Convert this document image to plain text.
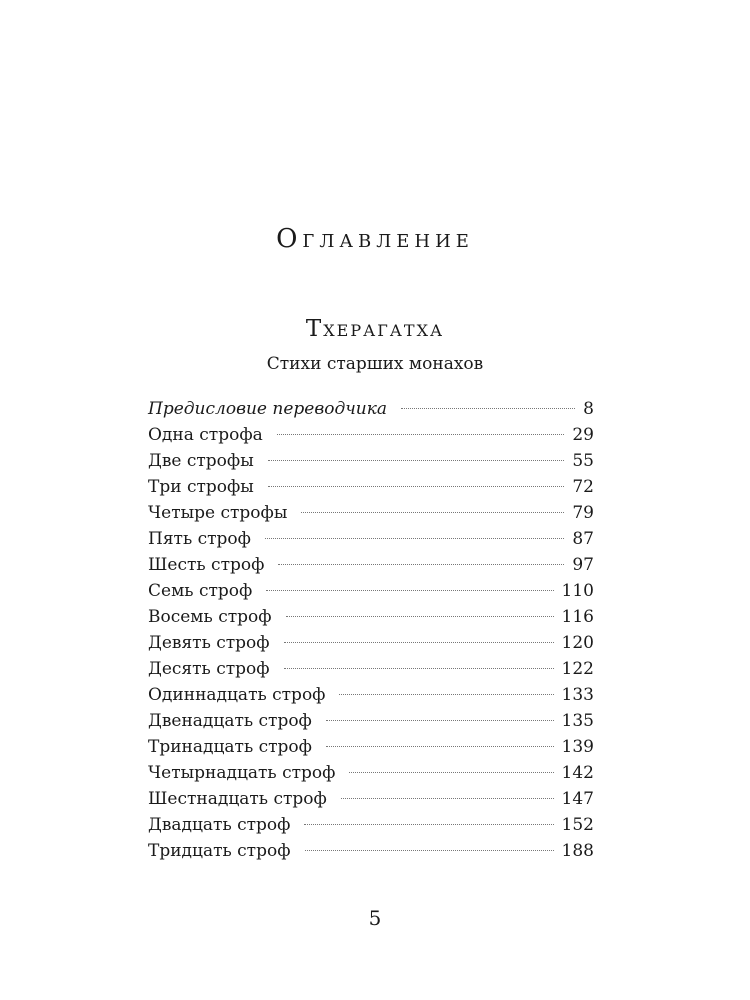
Оглавление
Тхерагатха

Стихи старших монахов

Предисловие переводчика	8
Одна строфа	29
Две строфы	55
Три строфы	72
Четыре строфы	79
Пять строф	87
Шесть строф	97
Семь строф	110
Восемь строф	116
Девять строф	120
Десять строф	122
Одиннадцать строф	133
Двенадцать строф	135
Тринадцать строф	139
Четырнадцать строф	142
Шестнадцать строф	147
Двадцать строф	152
Тридцать строф	188

5
